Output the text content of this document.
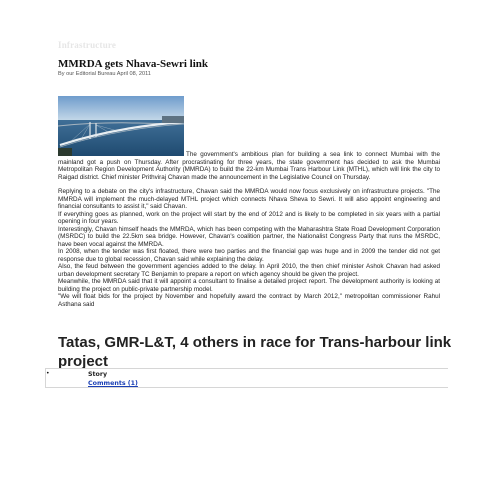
Infrastructure
MMRDA gets Nhava-Sewri link
By our Editorial Bureau April 08, 2011

The government's ambitious plan for building a sea link to connect Mumbai with the mainland got a push on Thursday. After procrastinating for three years, the state government has decided to ask the Mumbai Metropolitan Region Development Authority (MMRDA) to build the 22-km Mumbai Trans Harbour Link (MTHL), which will link the city to Raigad district. Chief minister Prithviraj Chavan made the announcement in the Legislative Council on Thursday.

Replying to a debate on the city's infrastructure, Chavan said the MMRDA would now focus exclusively on infrastructure projects. "The MMRDA will implement the much-delayed MTHL project which connects Nhava Sheva to Sewri. It will also appoint engineering and financial consultants to assist it," said Chavan.

If everything goes as planned, work on the project will start by the end of 2012 and is likely to be completed in six years with a partial opening in four years.

Interestingly, Chavan himself heads the MMRDA, which has been competing with the Maharashtra State Road Development Corporation (MSRDC) to build the 22.5km sea bridge. However, Chavan's coalition partner, the Nationalist Congress Party that runs the MSRDC, have been vocal against the MMRDA.

In 2008, when the tender was first floated, there were two parties and the financial gap was huge and in 2009 the tender did not get response due to global recession, Chavan said while explaining the delay.

Also, the feud between the government agencies added to the delay. In April 2010, the then chief minister Ashok Chavan had asked urban development secretary TC Benjamin to prepare a report on which agency should be given the project.

Meanwhile, the MMRDA said that it will appoint a consultant to finalise a detailed project report. The development authority is looking at building the project on public-private partnership model.

"We will float bids for the project by November and hopefully award the contract by March 2012," metropolitan commissioner Rahul Asthana said

Tatas, GMR-L&T, 4 others in race for Trans-harbour link project
•	Story
Comments (1)
